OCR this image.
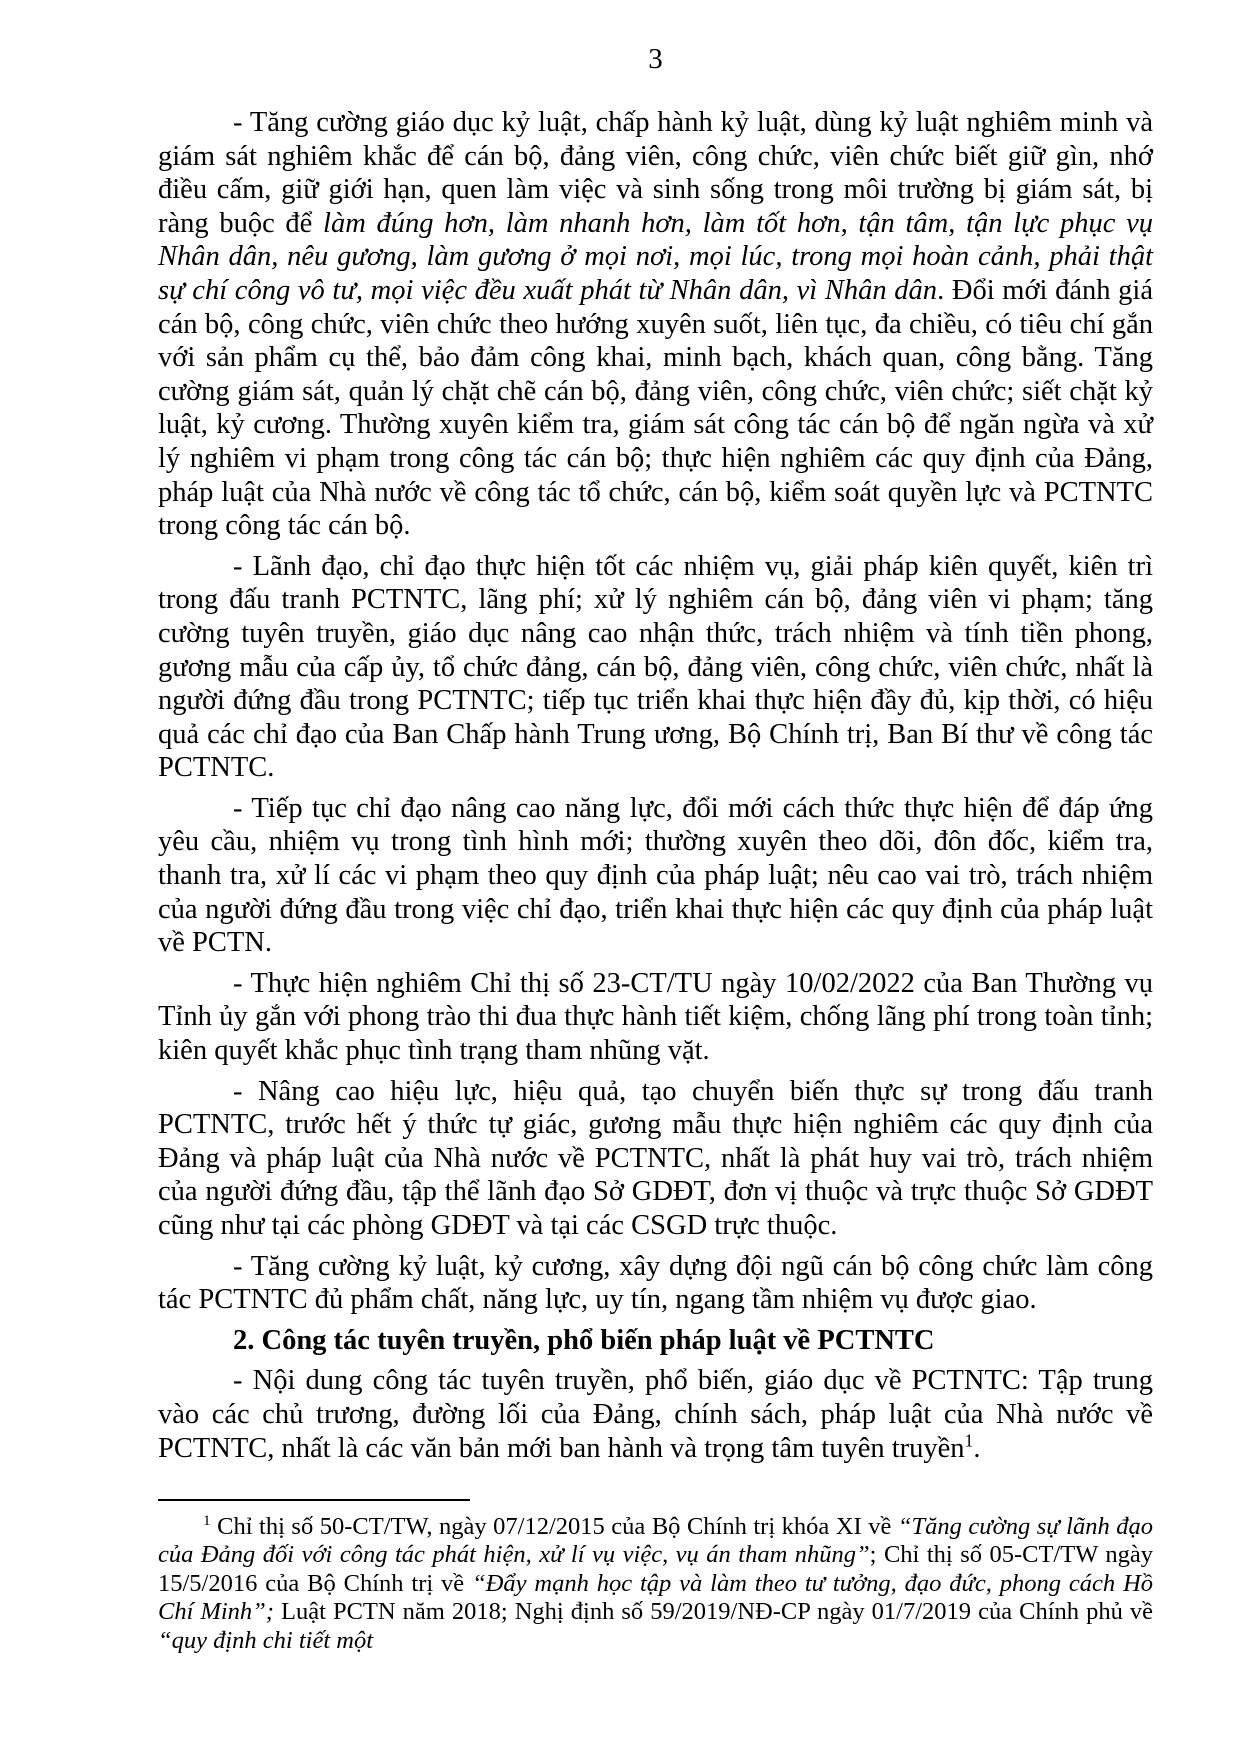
3

- Tăng cường giáo dục kỷ luật, chấp hành kỷ luật, dùng kỷ luật nghiêm minh và giám sát nghiêm khắc để cán bộ, đảng viên, công chức, viên chức biết giữ gìn, nhớ điều cấm, giữ giới hạn, quen làm việc và sinh sống trong môi trường bị giám sát, bị ràng buộc để làm đúng hơn, làm nhanh hơn, làm tốt hơn, tận tâm, tận lực phục vụ Nhân dân, nêu gương, làm gương ở mọi nơi, mọi lúc, trong mọi hoàn cảnh, phải thật sự chí công vô tư, mọi việc đều xuất phát từ Nhân dân, vì Nhân dân. Đổi mới đánh giá cán bộ, công chức, viên chức theo hướng xuyên suốt, liên tục, đa chiều, có tiêu chí gắn với sản phẩm cụ thể, bảo đảm công khai, minh bạch, khách quan, công bằng. Tăng cường giám sát, quản lý chặt chẽ cán bộ, đảng viên, công chức, viên chức; siết chặt kỷ luật, kỷ cương. Thường xuyên kiểm tra, giám sát công tác cán bộ để ngăn ngừa và xử lý nghiêm vi phạm trong công tác cán bộ; thực hiện nghiêm các quy định của Đảng, pháp luật của Nhà nước về công tác tổ chức, cán bộ, kiểm soát quyền lực và PCTNTC trong công tác cán bộ.

- Lãnh đạo, chỉ đạo thực hiện tốt các nhiệm vụ, giải pháp kiên quyết, kiên trì trong đấu tranh PCTNTC, lãng phí; xử lý nghiêm cán bộ, đảng viên vi phạm; tăng cường tuyên truyền, giáo dục nâng cao nhận thức, trách nhiệm và tính tiền phong, gương mẫu của cấp ủy, tổ chức đảng, cán bộ, đảng viên, công chức, viên chức, nhất là người đứng đầu trong PCTNTC; tiếp tục triển khai thực hiện đầy đủ, kịp thời, có hiệu quả các chỉ đạo của Ban Chấp hành Trung ương, Bộ Chính trị, Ban Bí thư về công tác PCTNTC.

- Tiếp tục chỉ đạo nâng cao năng lực, đổi mới cách thức thực hiện để đáp ứng yêu cầu, nhiệm vụ trong tình hình mới; thường xuyên theo dõi, đôn đốc, kiểm tra, thanh tra, xử lí các vi phạm theo quy định của pháp luật; nêu cao vai trò, trách nhiệm của người đứng đầu trong việc chỉ đạo, triển khai thực hiện các quy định của pháp luật về PCTN.

- Thực hiện nghiêm Chỉ thị số 23-CT/TU ngày 10/02/2022 của Ban Thường vụ Tỉnh ủy gắn với phong trào thi đua thực hành tiết kiệm, chống lãng phí trong toàn tỉnh; kiên quyết khắc phục tình trạng tham nhũng vặt.

- Nâng cao hiệu lực, hiệu quả, tạo chuyển biến thực sự trong đấu tranh PCTNTC, trước hết ý thức tự giác, gương mẫu thực hiện nghiêm các quy định của Đảng và pháp luật của Nhà nước về PCTNTC, nhất là phát huy vai trò, trách nhiệm của người đứng đầu, tập thể lãnh đạo Sở GDĐT, đơn vị thuộc và trực thuộc Sở GDĐT cũng như tại các phòng GDĐT và tại các CSGD trực thuộc.

- Tăng cường kỷ luật, kỷ cương, xây dựng đội ngũ cán bộ công chức làm công tác PCTNTC đủ phẩm chất, năng lực, uy tín, ngang tầm nhiệm vụ được giao.

2. Công tác tuyên truyền, phổ biến pháp luật về PCTNTC

- Nội dung công tác tuyên truyền, phổ biến, giáo dục về PCTNTC: Tập trung vào các chủ trương, đường lối của Đảng, chính sách, pháp luật của Nhà nước về PCTNTC, nhất là các văn bản mới ban hành và trọng tâm tuyên truyền$^1$.

$^1$ Chỉ thị số 50-CT/TW, ngày 07/12/2015 của Bộ Chính trị khóa XI về “Tăng cường sự lãnh đạo của Đảng đối với công tác phát hiện, xử lí vụ việc, vụ án tham nhũng”; Chỉ thị số 05-CT/TW ngày 15/5/2016 của Bộ Chính trị về “Đẩy mạnh học tập và làm theo tư tưởng, đạo đức, phong cách Hồ Chí Minh”; Luật PCTN năm 2018; Nghị định số 59/2019/NĐ-CP ngày 01/7/2019 của Chính phủ về “quy định chi tiết một
